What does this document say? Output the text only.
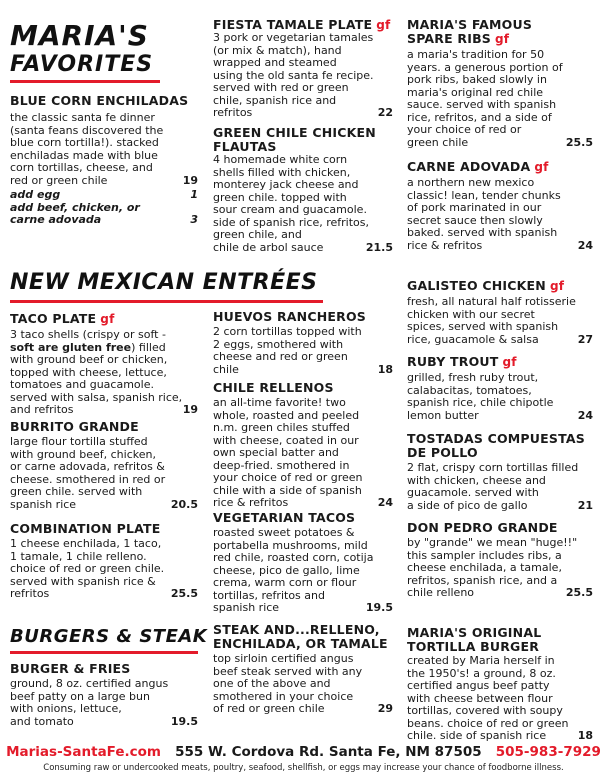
MARIA'S
FAVORITES
BLUE CORN ENCHILADAS
the classic santa fe dinner
(santa feans discovered the
blue corn tortilla!). stacked
enchiladas made with blue
corn tortillas, cheese, and
red or green chile	19
add egg	1
add beef, chicken, or
carne adovada	3
FIESTA TAMALE PLATE gf
3 pork or vegetarian tamales
(or mix & match), hand
wrapped and steamed
using the old santa fe recipe.
served with red or green
chile, spanish rice and
refritos	22
GREEN CHILE CHICKEN
FLAUTAS
4 homemade white corn
shells filled with chicken,
monterey jack cheese and
green chile. topped with
sour cream and guacamole.
side of spanish rice, refritos,
green chile, and
chile de arbol sauce	21.5
MARIA'S FAMOUS
SPARE RIBS gf
a maria's tradition for 50
years. a generous portion of
pork ribs, baked slowly in
maria's original red chile
sauce. served with spanish
rice, refritos, and a side of
your choice of red or
green chile	25.5
CARNE ADOVADA gf
a northern new mexico
classic! lean, tender chunks
of pork marinated in our
secret sauce then slowly
baked. served with spanish
rice & refritos	24
NEW MEXICAN ENTRÉES
TACO PLATE gf
3 taco shells (crispy or soft -
soft are gluten free) filled
with ground beef or chicken,
topped with cheese, lettuce,
tomatoes and guacamole.
served with salsa, spanish rice,
and refritos	19
BURRITO GRANDE
large flour tortilla stuffed
with ground beef, chicken,
or carne adovada, refritos &
cheese. smothered in red or
green chile. served with
spanish rice	20.5
COMBINATION PLATE
1 cheese enchilada, 1 taco,
1 tamale, 1 chile relleno.
choice of red or green chile.
served with spanish rice &
refritos	25.5
HUEVOS RANCHEROS
2 corn tortillas topped with
2 eggs, smothered with
cheese and red or green
chile	18
CHILE RELLENOS
an all-time favorite! two
whole, roasted and peeled
n.m. green chiles stuffed
with cheese, coated in our
own special batter and
deep-fried. smothered in
your choice of red or green
chile with a side of spanish
rice & refritos	24
VEGETARIAN TACOS
roasted sweet potatoes &
portabella mushrooms, mild
red chile, roasted corn, cotija
cheese, pico de gallo, lime
crema, warm corn or flour
tortillas, refritos and
spanish rice	19.5
GALISTEO CHICKEN gf
fresh, all natural half rotisserie
chicken with our secret
spices, served with spanish
rice, guacamole & salsa	27
RUBY TROUT gf
grilled, fresh ruby trout,
calabacitas, tomatoes,
spanish rice, chile chipotle
lemon butter	24
TOSTADAS COMPUESTAS
DE POLLO
2 flat, crispy corn tortillas filled
with chicken, cheese and
guacamole. served with
a side of pico de gallo	21
DON PEDRO GRANDE
by "grande" we mean "huge!!"
this sampler includes ribs, a
cheese enchilada, a tamale,
refritos, spanish rice, and a
chile relleno	25.5
BURGERS & STEAK
BURGER & FRIES
ground, 8 oz. certified angus
beef patty on a large bun
with onions, lettuce,
and tomato	19.5
STEAK AND...RELLENO,
ENCHILADA, OR TAMALE
top sirloin certified angus
beef steak served with any
one of the above and
smothered in your choice
of red or green chile	29
MARIA'S ORIGINAL
TORTILLA BURGER
created by Maria herself in
the 1950's! a ground, 8 oz.
certified angus beef patty
with cheese between flour
tortillas, covered with soupy
beans. choice of red or green
chile. side of spanish rice	18
Marias-SantaFe.com 555 W. Cordova Rd. Santa Fe, NM 87505 505-983-7929
Consuming raw or undercooked meats, poultry, seafood, shellfish, or eggs may increase your chance of foodborne illness.
